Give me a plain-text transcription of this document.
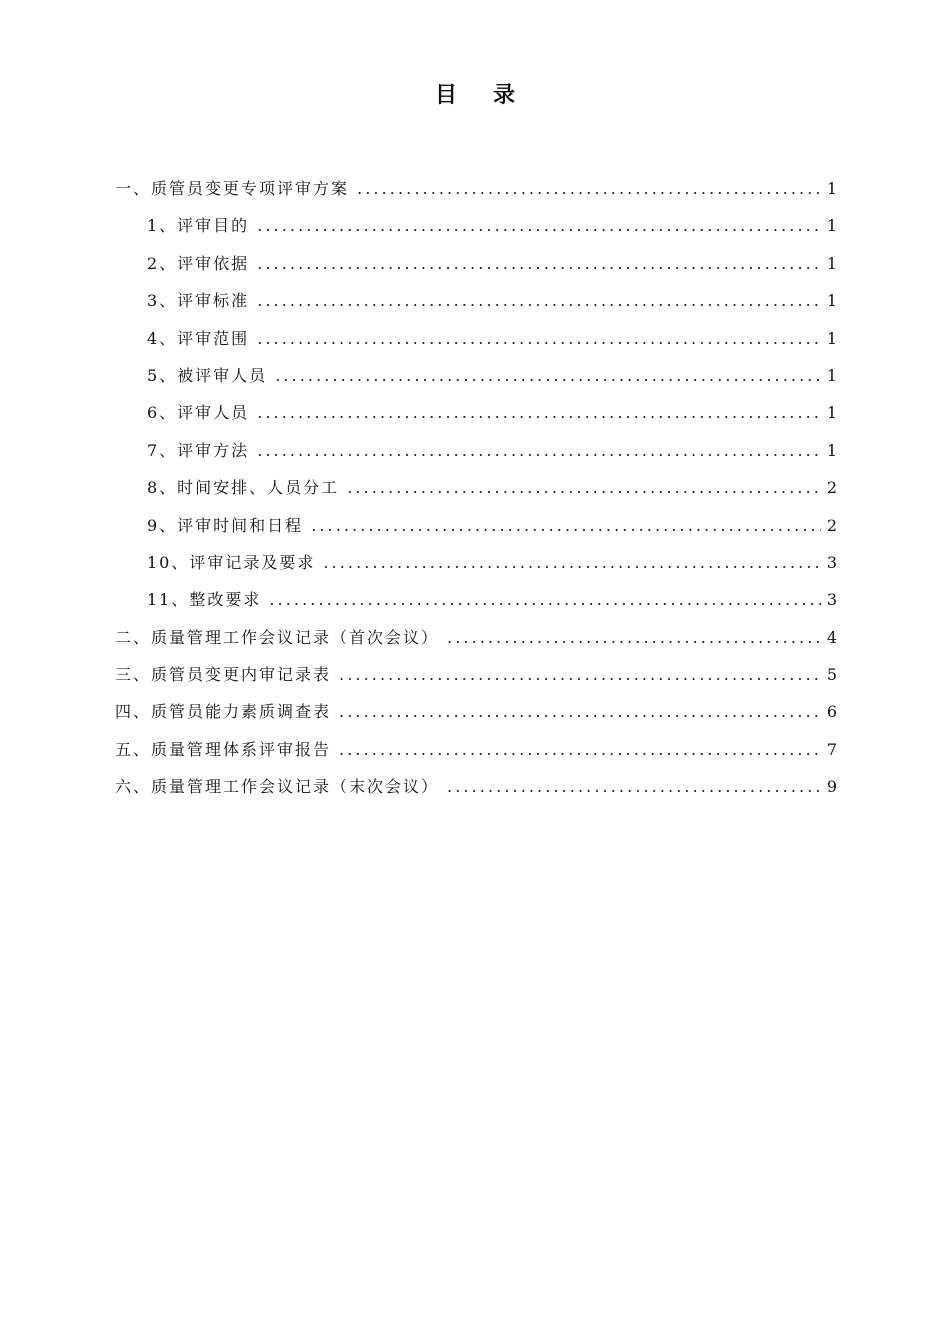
目录
一、质管员变更专项评审方案 .....	1
1、评审目的 .....	1
2、评审依据 .....	1
3、评审标准 .....	1
4、评审范围 .....	1
5、被评审人员 .....	1
6、评审人员 .....	1
7、评审方法 .....	1
8、时间安排、人员分工 .....	2
9、评审时间和日程 .....	2
10、评审记录及要求 .....	3
11、整改要求 .....	3
二、质量管理工作会议记录（首次会议） .....	4
三、质管员变更内审记录表 .....	5
四、质管员能力素质调查表 .....	6
五、质量管理体系评审报告 .....	7
六、质量管理工作会议记录（末次会议） .....	9
